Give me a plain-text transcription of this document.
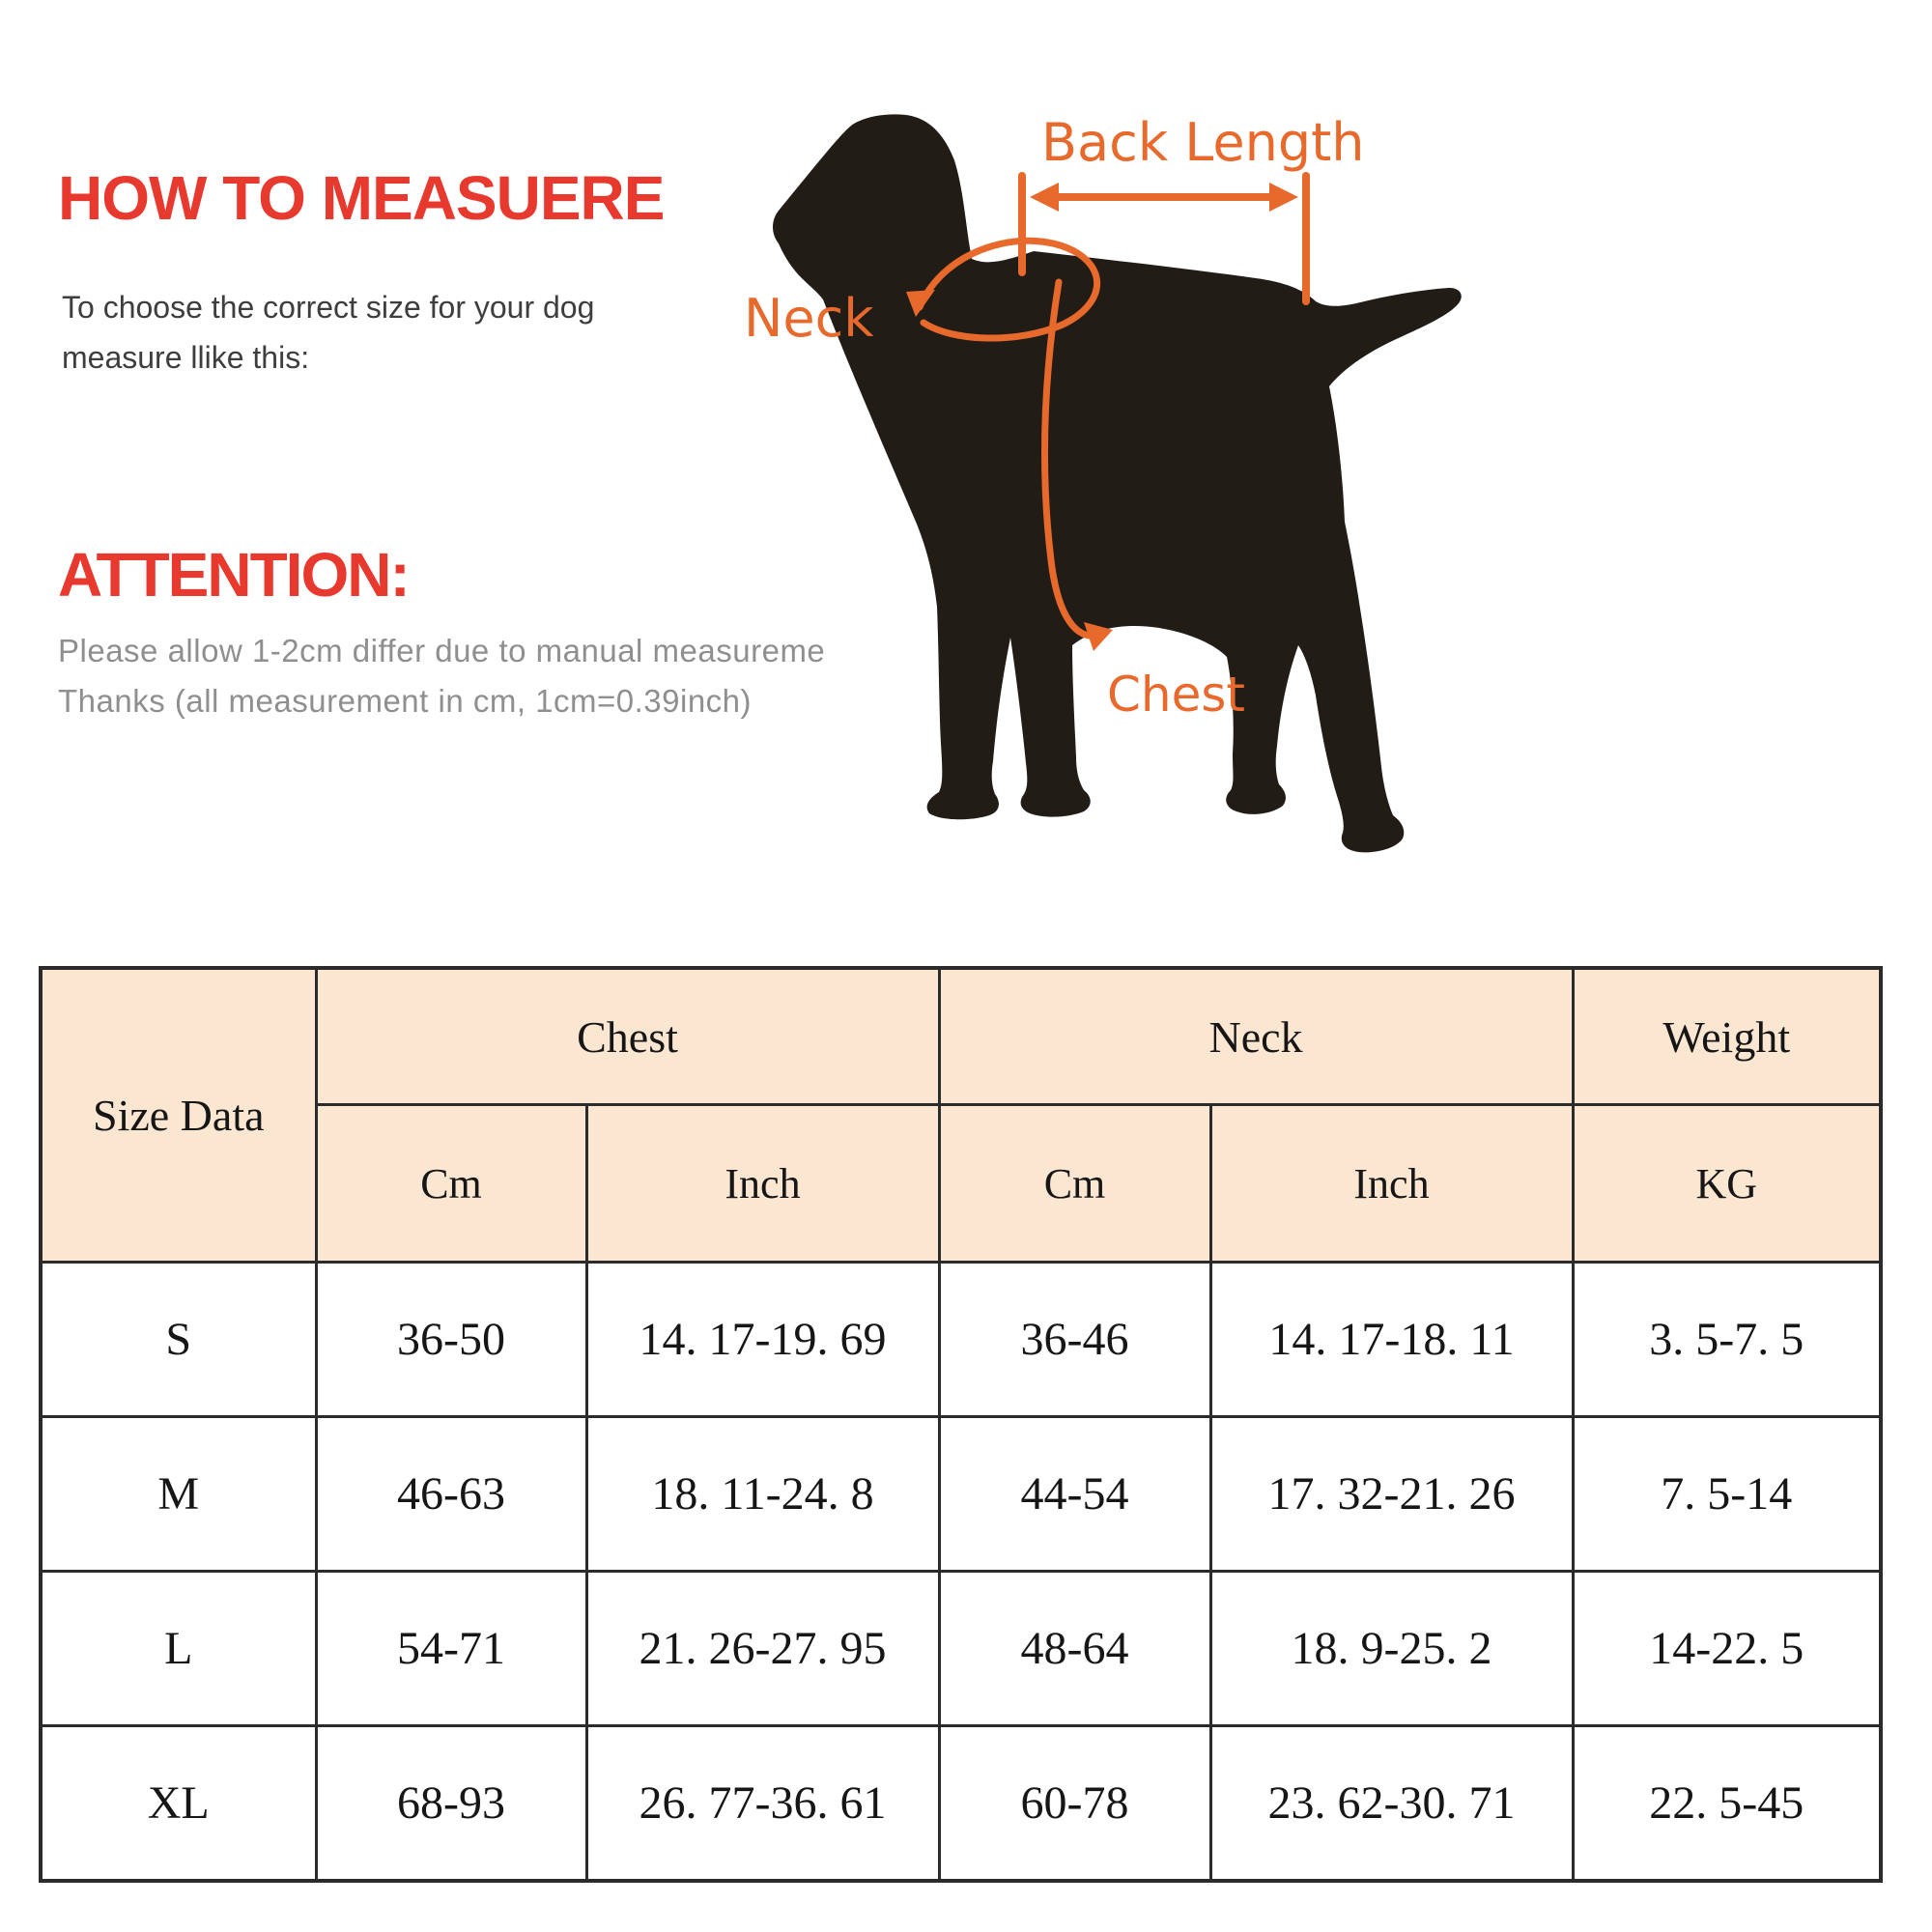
HOW TO MEASUERE
To choose the correct size for your dog
measure llike this:
ATTENTION:
Please allow 1-2cm differ due to manual measureme
Thanks (all measurement in cm, 1cm=0.39inch)
Back Length
Neck
Chest
Size Data	Chest		Neck		Weight
	Cm	Inch	Cm	Inch	KG
S	36-50	14. 17-19. 69	36-46	14. 17-18. 11	3. 5-7. 5
M	46-63	18. 11-24. 8	44-54	17. 32-21. 26	7. 5-14
L	54-71	21. 26-27. 95	48-64	18. 9-25. 2	14-22. 5
XL	68-93	26. 77-36. 61	60-78	23. 62-30. 71	22. 5-45
